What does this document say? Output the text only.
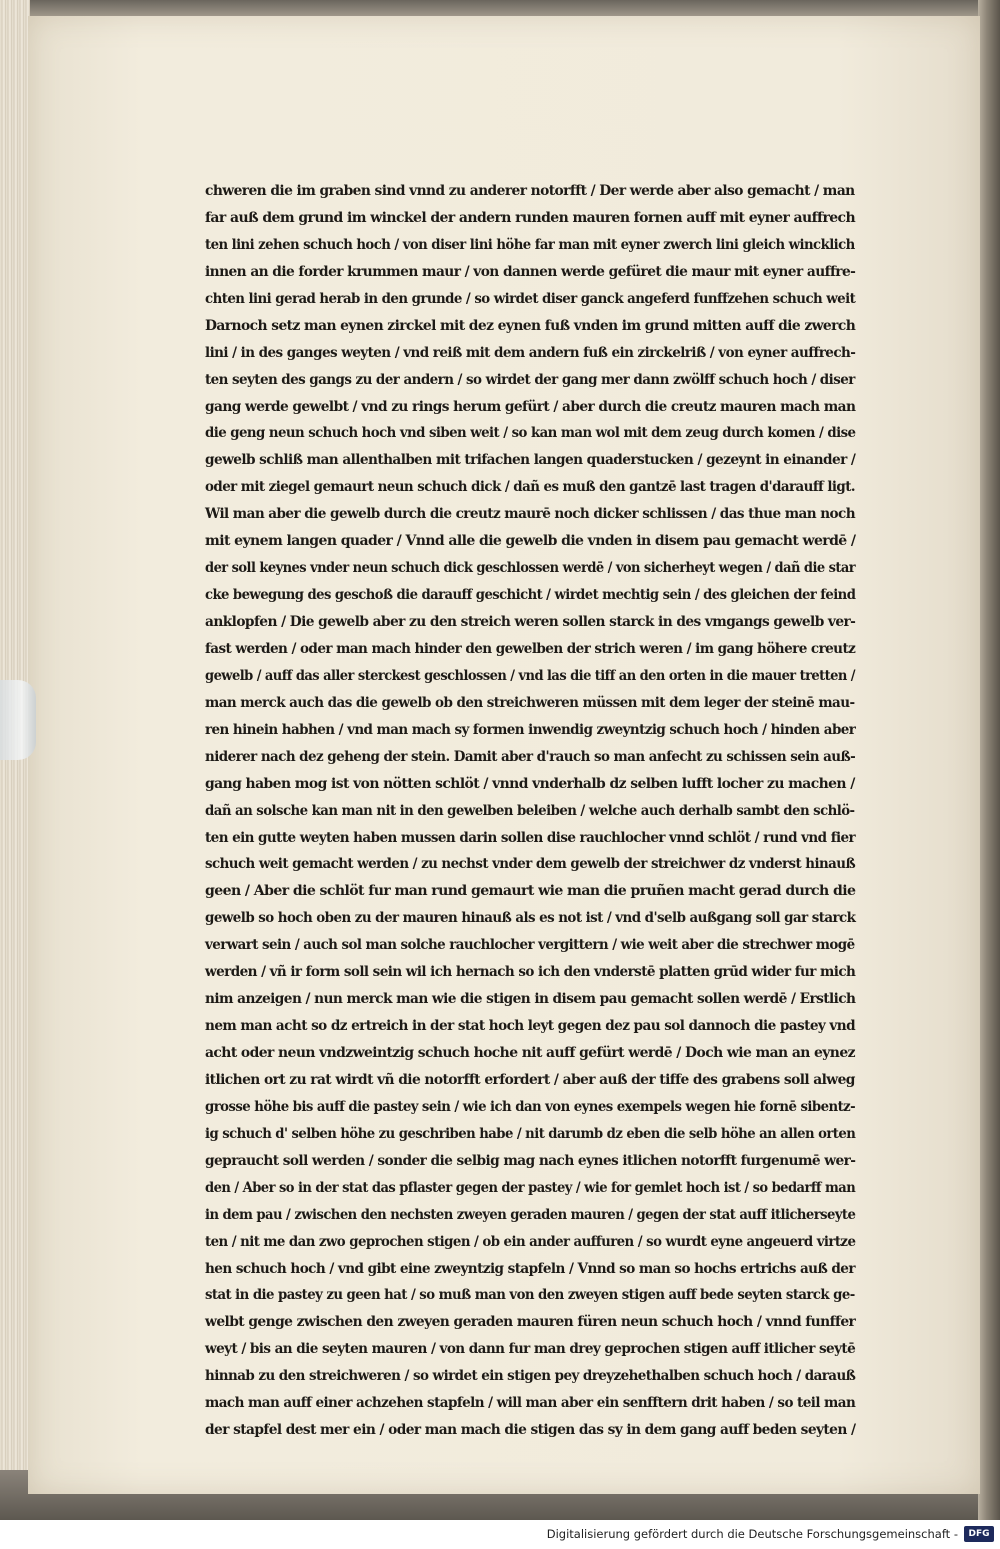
chweren die im graben sind vnnd zu anderer notorfft / Der werde aber also gemacht / man
far auß dem grund im winckel der andern runden mauren fornen auff mit eyner auffrech
ten lini zehen schuch hoch / von diser lini höhe far man mit eyner zwerch lini gleich wincklich
innen an die forder krummen maur / von dannen werde gefüret die maur mit eyner auffre-
chten lini gerad herab in den grunde / so wirdet diser ganck angeferd funffzehen schuch weit
Darnoch setz man eynen zirckel mit dez eynen fuß vnden im grund mitten auff die zwerch
lini / in des ganges weyten / vnd reiß mit dem andern fuß ein zirckelriß / von eyner auffrech-
ten seyten des gangs zu der andern / so wirdet der gang mer dann zwölff schuch hoch / diser
gang werde gewelbt / vnd zu rings herum gefürt / aber durch die creutz mauren mach man
die geng neun schuch hoch vnd siben weit / so kan man wol mit dem zeug durch komen / dise
gewelb schliß man allenthalben mit trifachen langen quaderstucken / gezeynt in einander /
oder mit ziegel gemaurt neun schuch dick / dañ es muß den gantzē last tragen d'darauff ligt.
Wil man aber die gewelb durch die creutz maurē noch dicker schlissen / das thue man noch
mit eynem langen quader / Vnnd alle die gewelb die vnden in disem pau gemacht werdē /
der soll keynes vnder neun schuch dick geschlossen werdē / von sicherheyt wegen / dañ die star
cke bewegung des geschoß die darauff geschicht / wirdet mechtig sein / des gleichen der feind
anklopfen / Die gewelb aber zu den streich weren sollen starck in des vmgangs gewelb ver-
fast werden / oder man mach hinder den gewelben der strich weren / im gang höhere creutz
gewelb / auff das aller sterckest geschlossen / vnd las die tiff an den orten in die mauer tretten /
man merck auch das die gewelb ob den streichweren müssen mit dem leger der steinē mau-
ren hinein habhen / vnd man mach sy formen inwendig zweyntzig schuch hoch / hinden aber
niderer nach dez geheng der stein. Damit aber d'rauch so man anfecht zu schissen sein auß-
gang haben mog ist von nötten schlöt / vnnd vnderhalb dz selben lufft locher zu machen /
dañ an solsche kan man nit in den gewelben beleiben / welche auch derhalb sambt den schlö-
ten ein gutte weyten haben mussen darin sollen dise rauchlocher vnnd schlöt / rund vnd fier
schuch weit gemacht werden / zu nechst vnder dem gewelb der streichwer dz vnderst hinauß
geen / Aber die schlöt fur man rund gemaurt wie man die pruñen macht gerad durch die
gewelb so hoch oben zu der mauren hinauß als es not ist / vnd d'selb außgang soll gar starck
verwart sein / auch sol man solche rauchlocher vergittern / wie weit aber die strechwer mogē
werden / vñ ir form soll sein wil ich hernach so ich den vnderstē platten grūd wider fur mich
nim anzeigen / nun merck man wie die stigen in disem pau gemacht sollen werdē / Erstlich
nem man acht so dz ertreich in der stat hoch leyt gegen dez pau sol dannoch die pastey vnd
acht oder neun vndzweintzig schuch hoche nit auff gefürt werdē / Doch wie man an eynez
itlichen ort zu rat wirdt vñ die notorfft erfordert / aber auß der tiffe des grabens soll alweg
grosse höhe bis auff die pastey sein / wie ich dan von eynes exempels wegen hie fornē sibentz-
ig schuch d' selben höhe zu geschriben habe / nit darumb dz eben die selb höhe an allen orten
gepraucht soll werden / sonder die selbig mag nach eynes itlichen notorfft furgenumē wer-
den / Aber so in der stat das pflaster gegen der pastey / wie for gemlet hoch ist / so bedarff man
in dem pau / zwischen den nechsten zweyen geraden mauren / gegen der stat auff itlicherseyte
ten / nit me dan zwo geprochen stigen / ob ein ander auffuren / so wurdt eyne angeuerd virtze
hen schuch hoch / vnd gibt eine zweyntzig stapfeln / Vnnd so man so hochs ertrichs auß der
stat in die pastey zu geen hat / so muß man von den zweyen stigen auff bede seyten starck ge-
welbt genge zwischen den zweyen geraden mauren füren neun schuch hoch / vnnd funffer
weyt / bis an die seyten mauren / von dann fur man drey geprochen stigen auff itlicher seytē
hinnab zu den streichweren / so wirdet ein stigen pey dreyzehethalben schuch hoch / darauß
mach man auff einer achzehen stapfeln / will man aber ein senfftern drit haben / so teil man
der stapfel dest mer ein / oder man mach die stigen das sy in dem gang auff beden seyten /
Digitalisierung gefördert durch die Deutsche Forschungsgemeinschaft -	DFG
